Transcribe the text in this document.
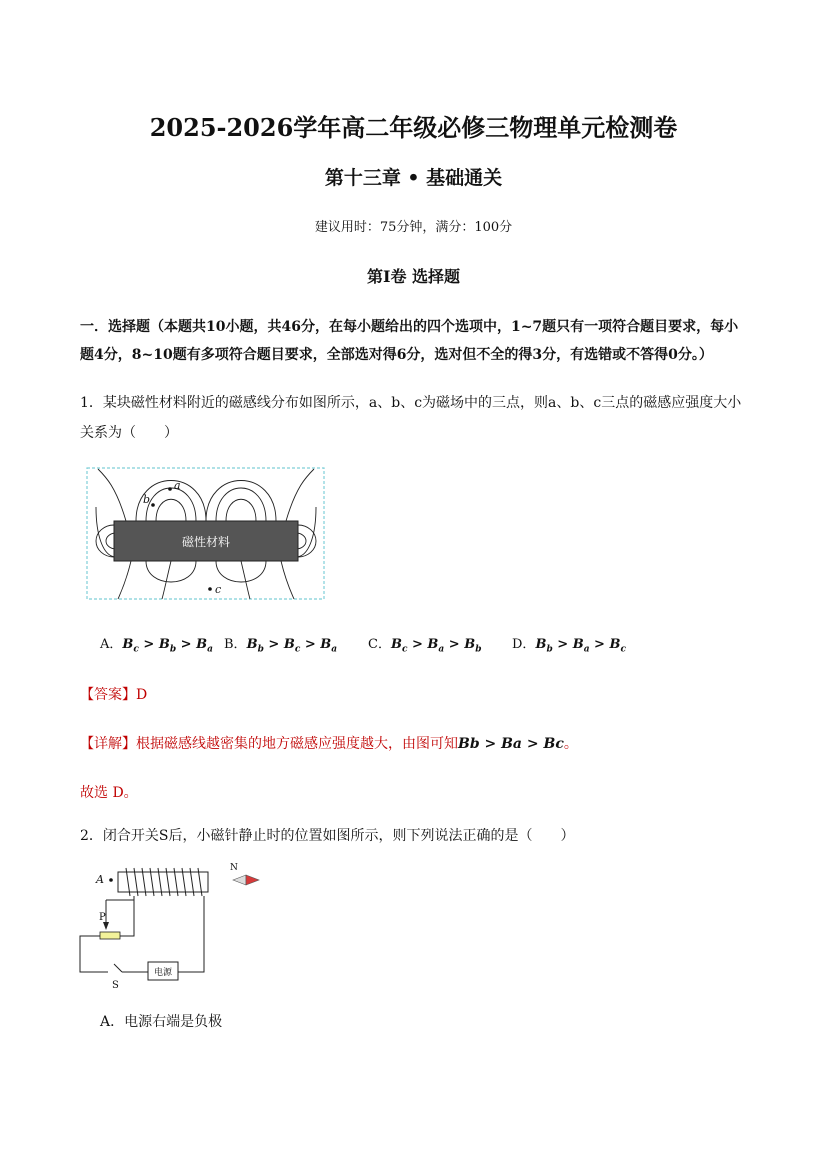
2025-2026学年高二年级必修三物理单元检测卷
第十三章 • 基础通关
建议用时：75分钟，满分：100分
第Ⅰ卷 选择题
一．选择题（本题共10小题，共46分，在每小题给出的四个选项中，1~7题只有一项符合题目要求，每小题4分，8~10题有多项符合题目要求，全部选对得6分，选对但不全的得3分，有选错或不答得0分。）
1．某块磁性材料附近的磁感线分布如图所示，a、b、c为磁场中的三点，则a、b、c三点的磁感应强度大小关系为（　　）
磁性材料
a
b
c
A．$B_c > B_b > B_a$ B．$B_b > B_c > B_a$ C．$B_c > B_a > B_b$ D．$B_b > B_a > B_c$
【答案】D
【详解】根据磁感线越密集的地方磁感应强度越大，由图可知Bb > Ba > Bc。
故选 D。
2．闭合开关S后，小磁针静止时的位置如图所示，则下列说法正确的是（　　）
电源
A
P
S
N
A．电源右端是负极
